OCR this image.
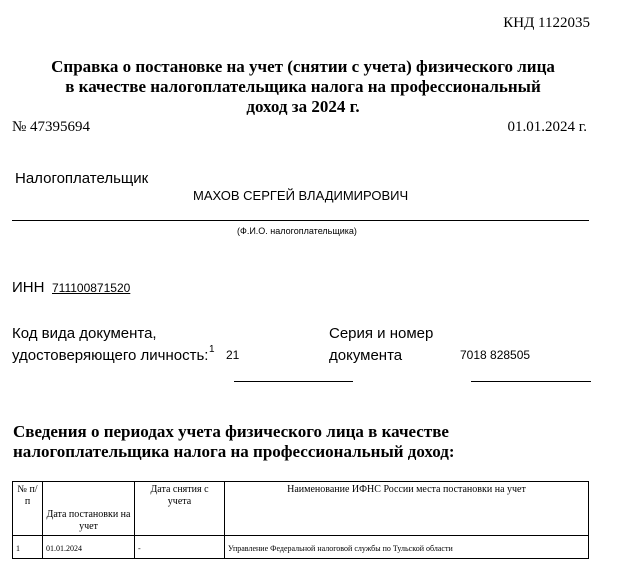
КНД 1122035
Справка о постановке на учет (снятии с учета) физического лица
в качестве налогоплательщика налога на профессиональный
доход за 2024 г.
№ 47395694	01.01.2024 г.
Налогоплательщик
МАХОВ СЕРГЕЙ ВЛАДИМИРОВИЧ
(Ф.И.О. налогоплательщика)
ИНН 711100871520
Код вида документа,
удостоверяющего личность: 1 21
Серия и номер
документа	7018 828505
Сведения о периодах учета физического лица в качестве
налогоплательщика налога на профессиональный доход:
№ п/п	Дата постановки на учет	Дата снятия с учета	Наименование ИФНС России места постановки на учет
1	01.01.2024	-	Управление Федеральной налоговой службы по Тульской области
